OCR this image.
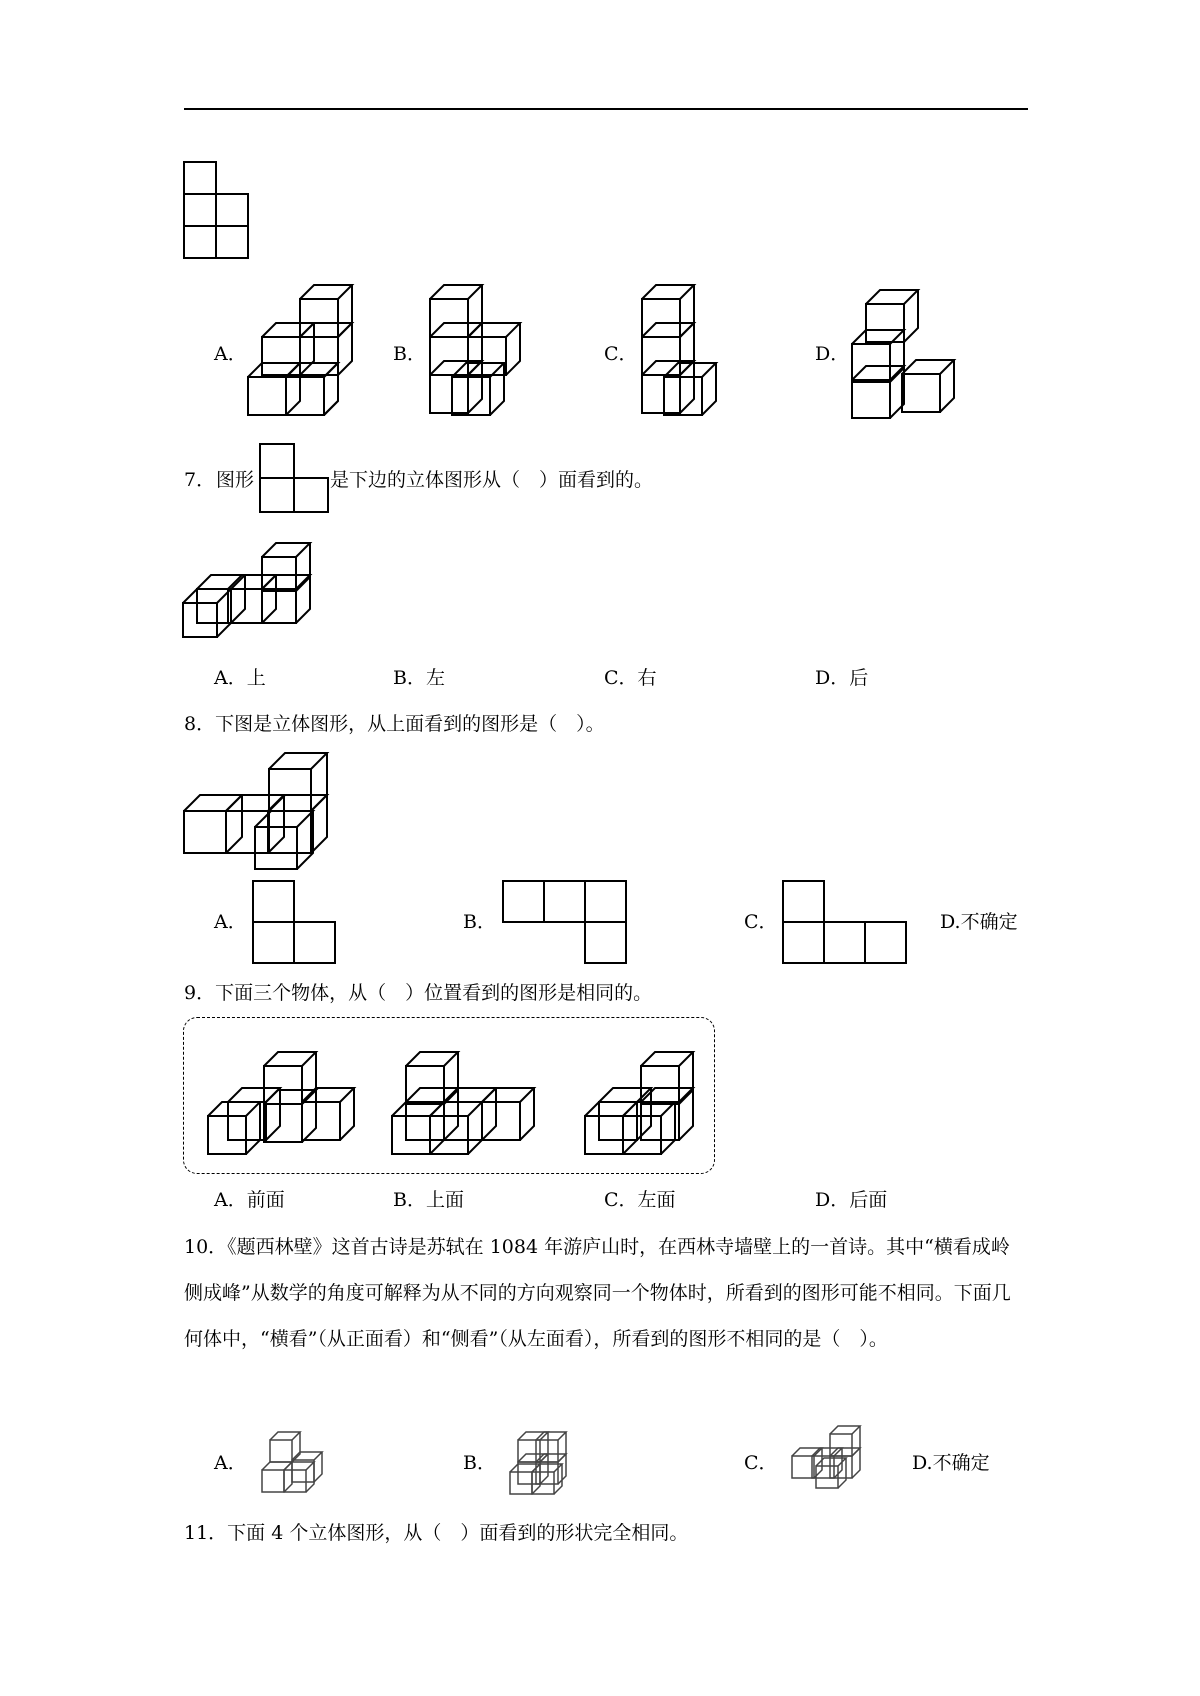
A．	B．	C．	D．
7． 图形	是下边的立体图形从（　）面看到的。
A．上	B．左	C．右	D．后
8．下图是立体图形，从上面看到的图形是（　）。
A．	B．	C．	D.不确定
9．下面三个物体，从（　）位置看到的图形是相同的。
A．前面	B．上面	C．左面	D．后面
10．《题西林壁》这首古诗是苏轼在 1084 年游庐山时，在西林寺墙壁上的一首诗。其中“横看成岭侧成峰”从数学的角度可解释为从不同的方向观察同一个物体时，所看到的图形可能不相同。下面几何体中，“横看”（从正面看）和“侧看”（从左面看），所看到的图形不相同的是（　）。
A．	B．	C．	D.不确定
11．下面 4 个立体图形，从（　）面看到的形状完全相同。
